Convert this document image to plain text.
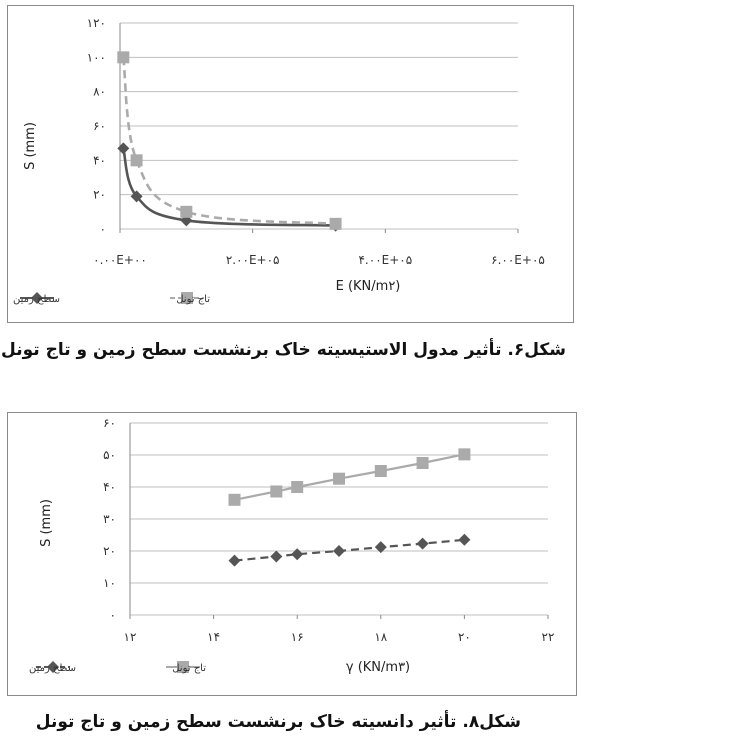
۰
۲۰
۴۰
۶۰
۸۰
۱۰۰
۱۲۰
۰.۰۰E+۰۰	۲.۰۰E+۰۵	۴.۰۰E+۰۵	۶.۰۰E+۰۵
E (KN/m۲)
S (mm)
سطح زمین	تاج تونل
شکل۶. تأثیر مدول الاستیسیته خاک برنشست سطح زمین و تاج تونل
۰
۱۰
۲۰
۳۰
۴۰
۵۰
۶۰
۱۲	۱۴	۱۶	۱۸	۲۰	۲۲
γ (KN/m۳)
S (mm)
سطح زمین	تاج تونل
شکل۸. تأثیر دانسیته خاک برنشست سطح زمین و تاج تونل
